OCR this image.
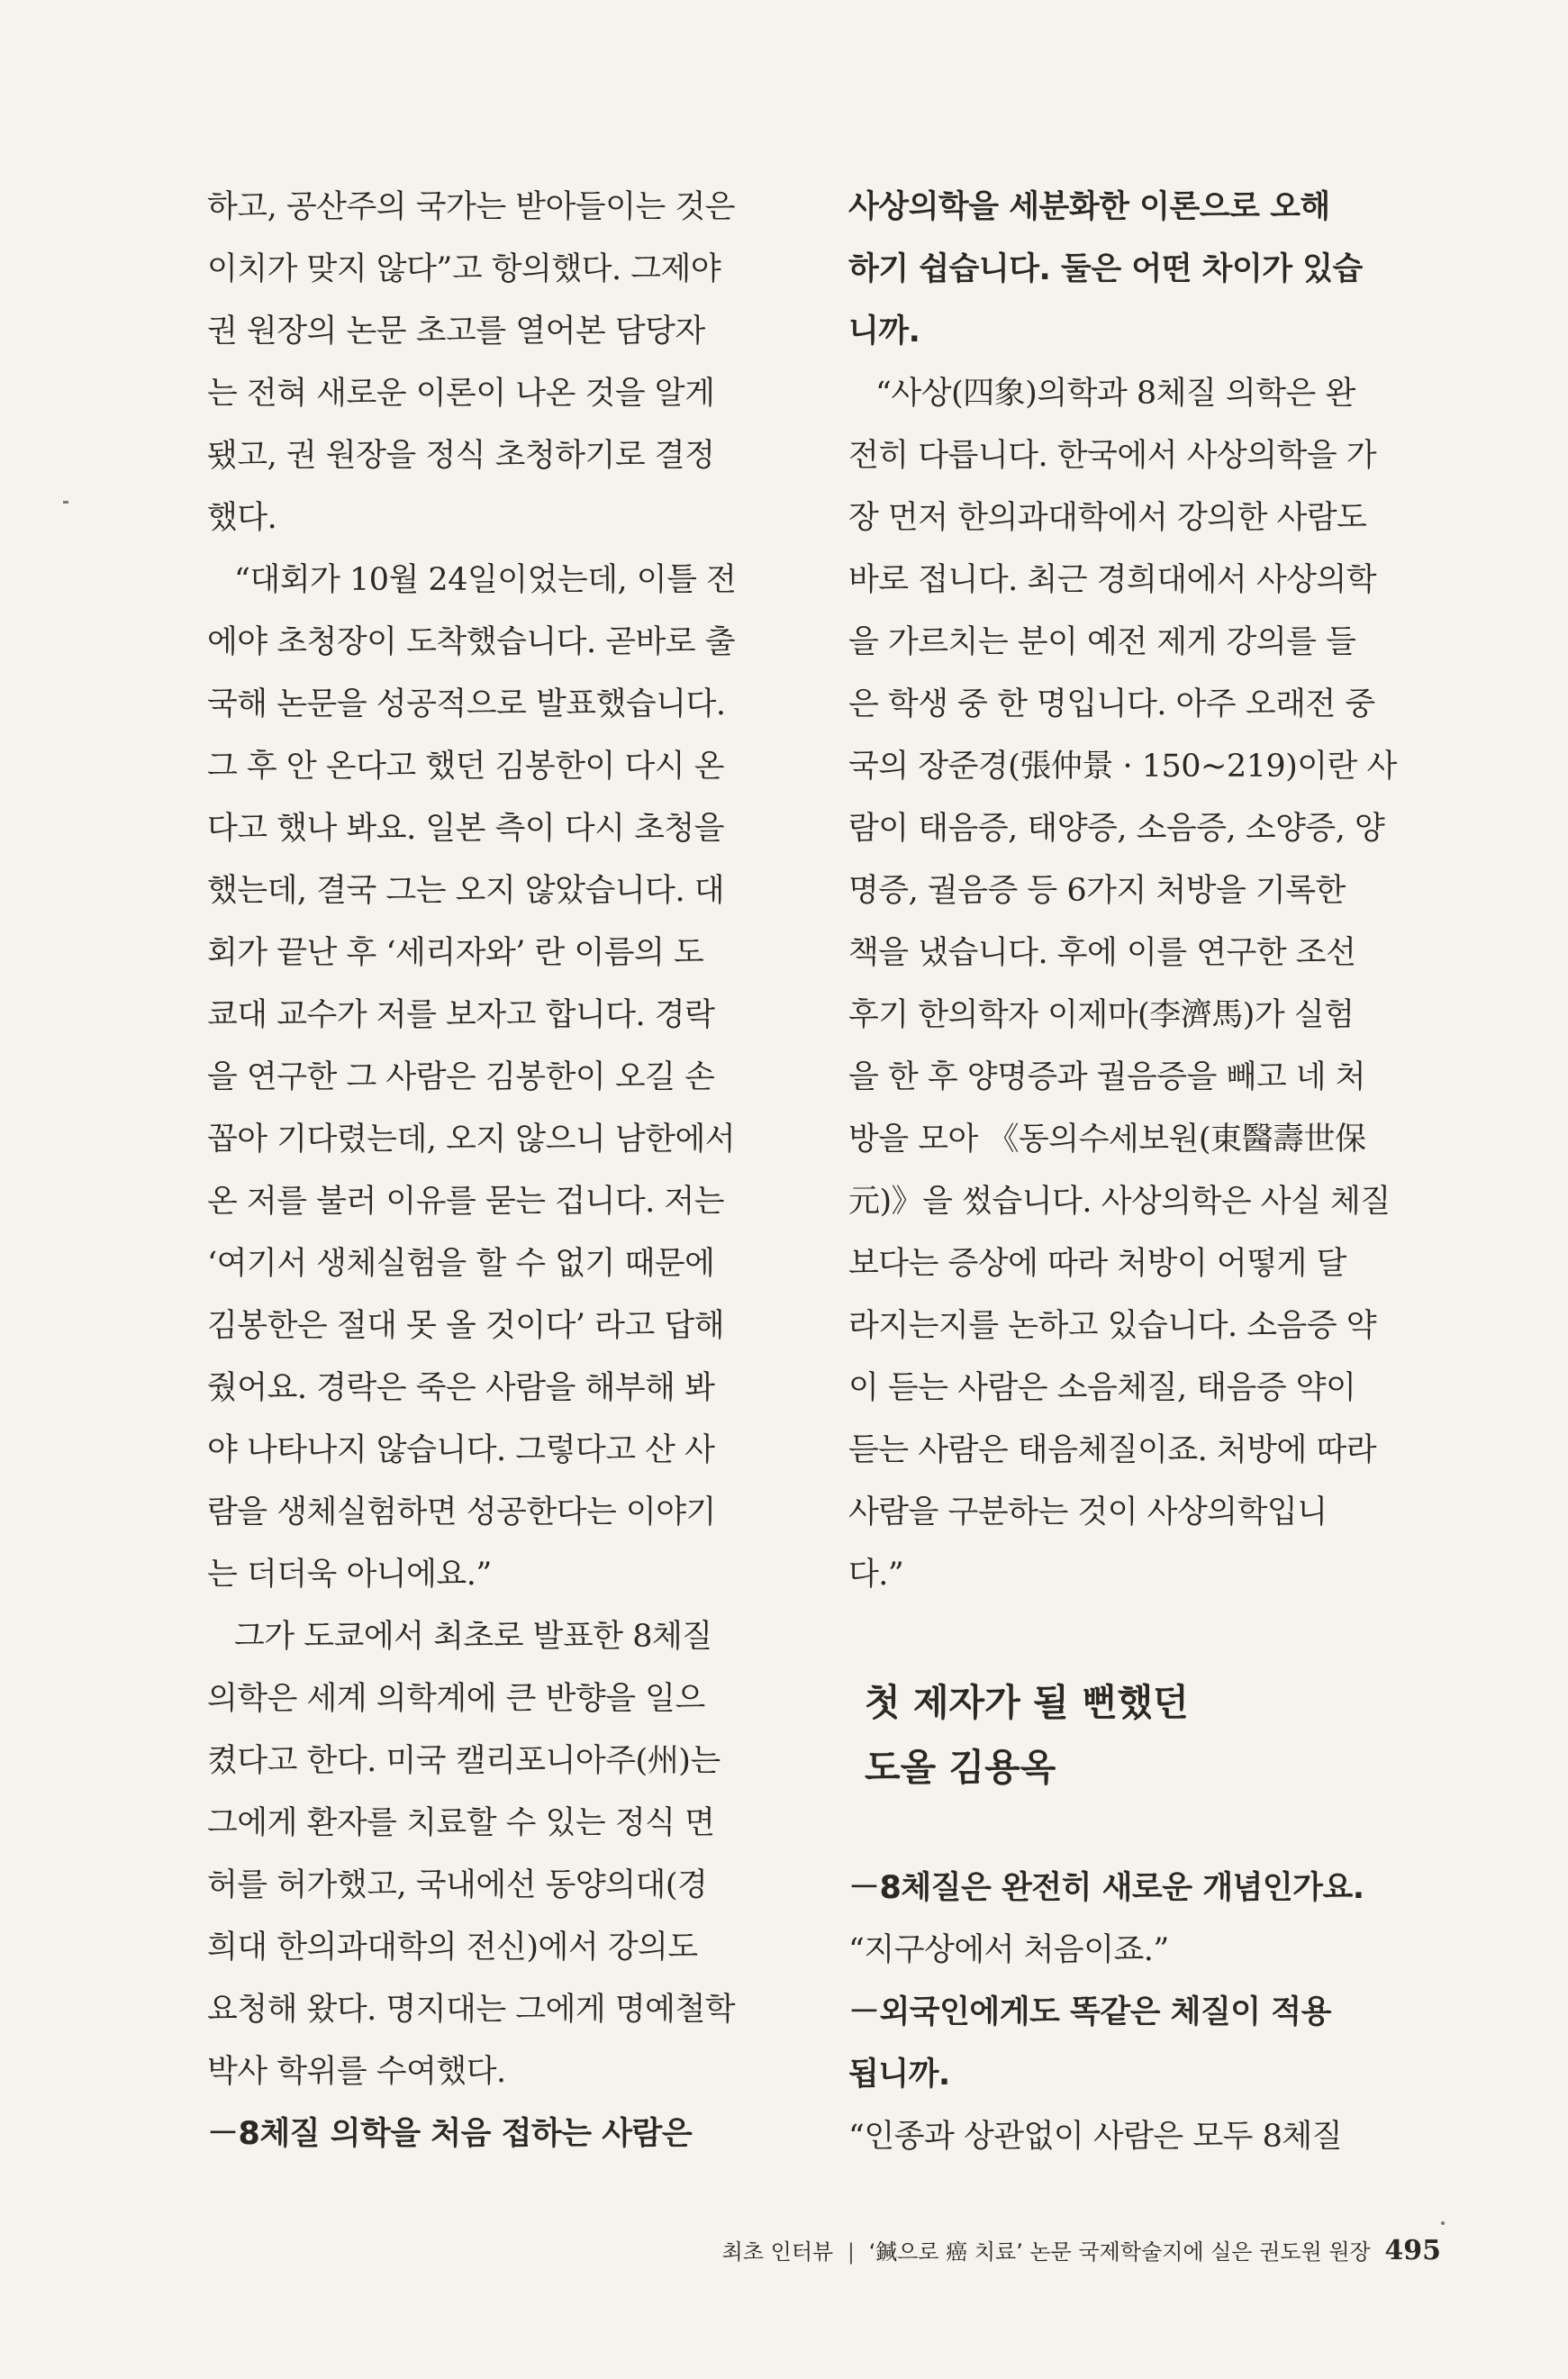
하고, 공산주의 국가는 받아들이는 것은
이치가 맞지 않다”고 항의했다. 그제야
권 원장의 논문 초고를 열어본 담당자
는 전혀 새로운 이론이 나온 것을 알게
됐고, 권 원장을 정식 초청하기로 결정
했다.
“대회가 10월 24일이었는데, 이틀 전
에야 초청장이 도착했습니다. 곧바로 출
국해 논문을 성공적으로 발표했습니다.
그 후 안 온다고 했던 김봉한이 다시 온
다고 했나 봐요. 일본 측이 다시 초청을
했는데, 결국 그는 오지 않았습니다. 대
회가 끝난 후 ‘세리자와’ 란 이름의 도
쿄대 교수가 저를 보자고 합니다. 경락
을 연구한 그 사람은 김봉한이 오길 손
꼽아 기다렸는데, 오지 않으니 남한에서
온 저를 불러 이유를 묻는 겁니다. 저는
‘여기서 생체실험을 할 수 없기 때문에
김봉한은 절대 못 올 것이다’ 라고 답해
줬어요. 경락은 죽은 사람을 해부해 봐
야 나타나지 않습니다. 그렇다고 산 사
람을 생체실험하면 성공한다는 이야기
는 더더욱 아니에요.”
그가 도쿄에서 최초로 발표한 8체질
의학은 세계 의학계에 큰 반향을 일으
켰다고 한다. 미국 캘리포니아주(州)는
그에게 환자를 치료할 수 있는 정식 면
허를 허가했고, 국내에선 동양의대(경
희대 한의과대학의 전신)에서 강의도
요청해 왔다. 명지대는 그에게 명예철학
박사 학위를 수여했다.
－8체질 의학을 처음 접하는 사람은
사상의학을 세분화한 이론으로 오해
하기 쉽습니다. 둘은 어떤 차이가 있습
니까.
“사상(四象)의학과 8체질 의학은 완
전히 다릅니다. 한국에서 사상의학을 가
장 먼저 한의과대학에서 강의한 사람도
바로 접니다. 최근 경희대에서 사상의학
을 가르치는 분이 예전 제게 강의를 들
은 학생 중 한 명입니다. 아주 오래전 중
국의 장준경(張仲景 · 150~219)이란 사
람이 태음증, 태양증, 소음증, 소양증, 양
명증, 궐음증 등 6가지 처방을 기록한
책을 냈습니다. 후에 이를 연구한 조선
후기 한의학자 이제마(李濟馬)가 실험
을 한 후 양명증과 궐음증을 빼고 네 처
방을 모아 《동의수세보원(東醫壽世保
元)》을 썼습니다. 사상의학은 사실 체질
보다는 증상에 따라 처방이 어떻게 달
라지는지를 논하고 있습니다. 소음증 약
이 듣는 사람은 소음체질, 태음증 약이
듣는 사람은 태음체질이죠. 처방에 따라
사람을 구분하는 것이 사상의학입니
다.”
첫 제자가 될 뻔했던
도올 김용옥
－8체질은 완전히 새로운 개념인가요.
“지구상에서 처음이죠.”
－외국인에게도 똑같은 체질이 적용
됩니까.
“인종과 상관없이 사람은 모두 8체질
최초 인터뷰 | ‘鍼으로 癌 치료’ 논문 국제학술지에 실은 권도원 원장 495
